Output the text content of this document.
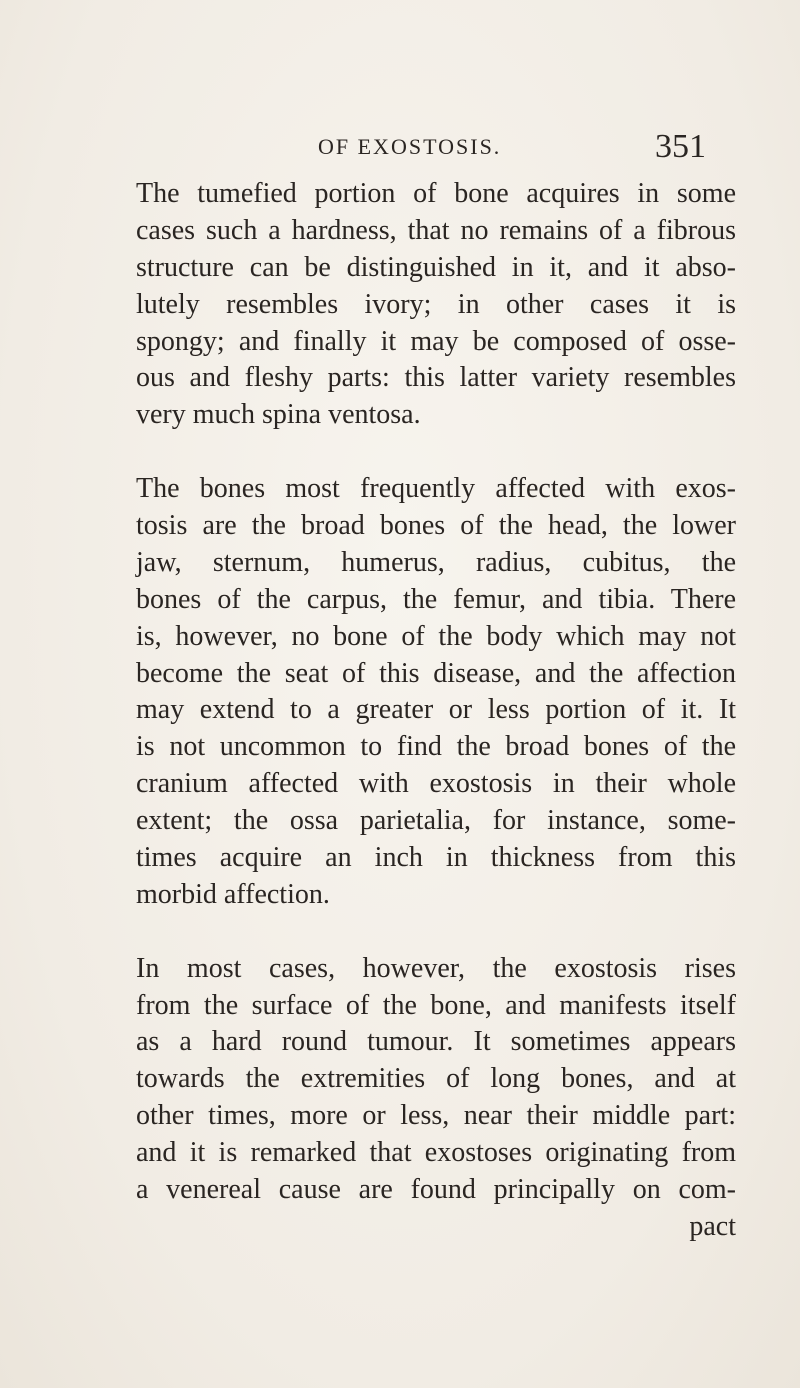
OF EXOSTOSIS.	351
The tumefied portion of bone acquires in some
cases such a hardness, that no remains of a fibrous
structure can be distinguished in it, and it abso-
lutely resembles ivory; in other cases it is
spongy; and finally it may be composed of osse-
ous and fleshy parts: this latter variety resembles
very much spina ventosa.
The bones most frequently affected with exos-
tosis are the broad bones of the head, the lower
jaw, sternum, humerus, radius, cubitus, the
bones of the carpus, the femur, and tibia. There
is, however, no bone of the body which may not
become the seat of this disease, and the affection
may extend to a greater or less portion of it. It
is not uncommon to find the broad bones of the
cranium affected with exostosis in their whole
extent; the ossa parietalia, for instance, some-
times acquire an inch in thickness from this
morbid affection.
In most cases, however, the exostosis rises
from the surface of the bone, and manifests itself
as a hard round tumour. It sometimes appears
towards the extremities of long bones, and at
other times, more or less, near their middle part:
and it is remarked that exostoses originating from
a venereal cause are found principally on com-
pact
